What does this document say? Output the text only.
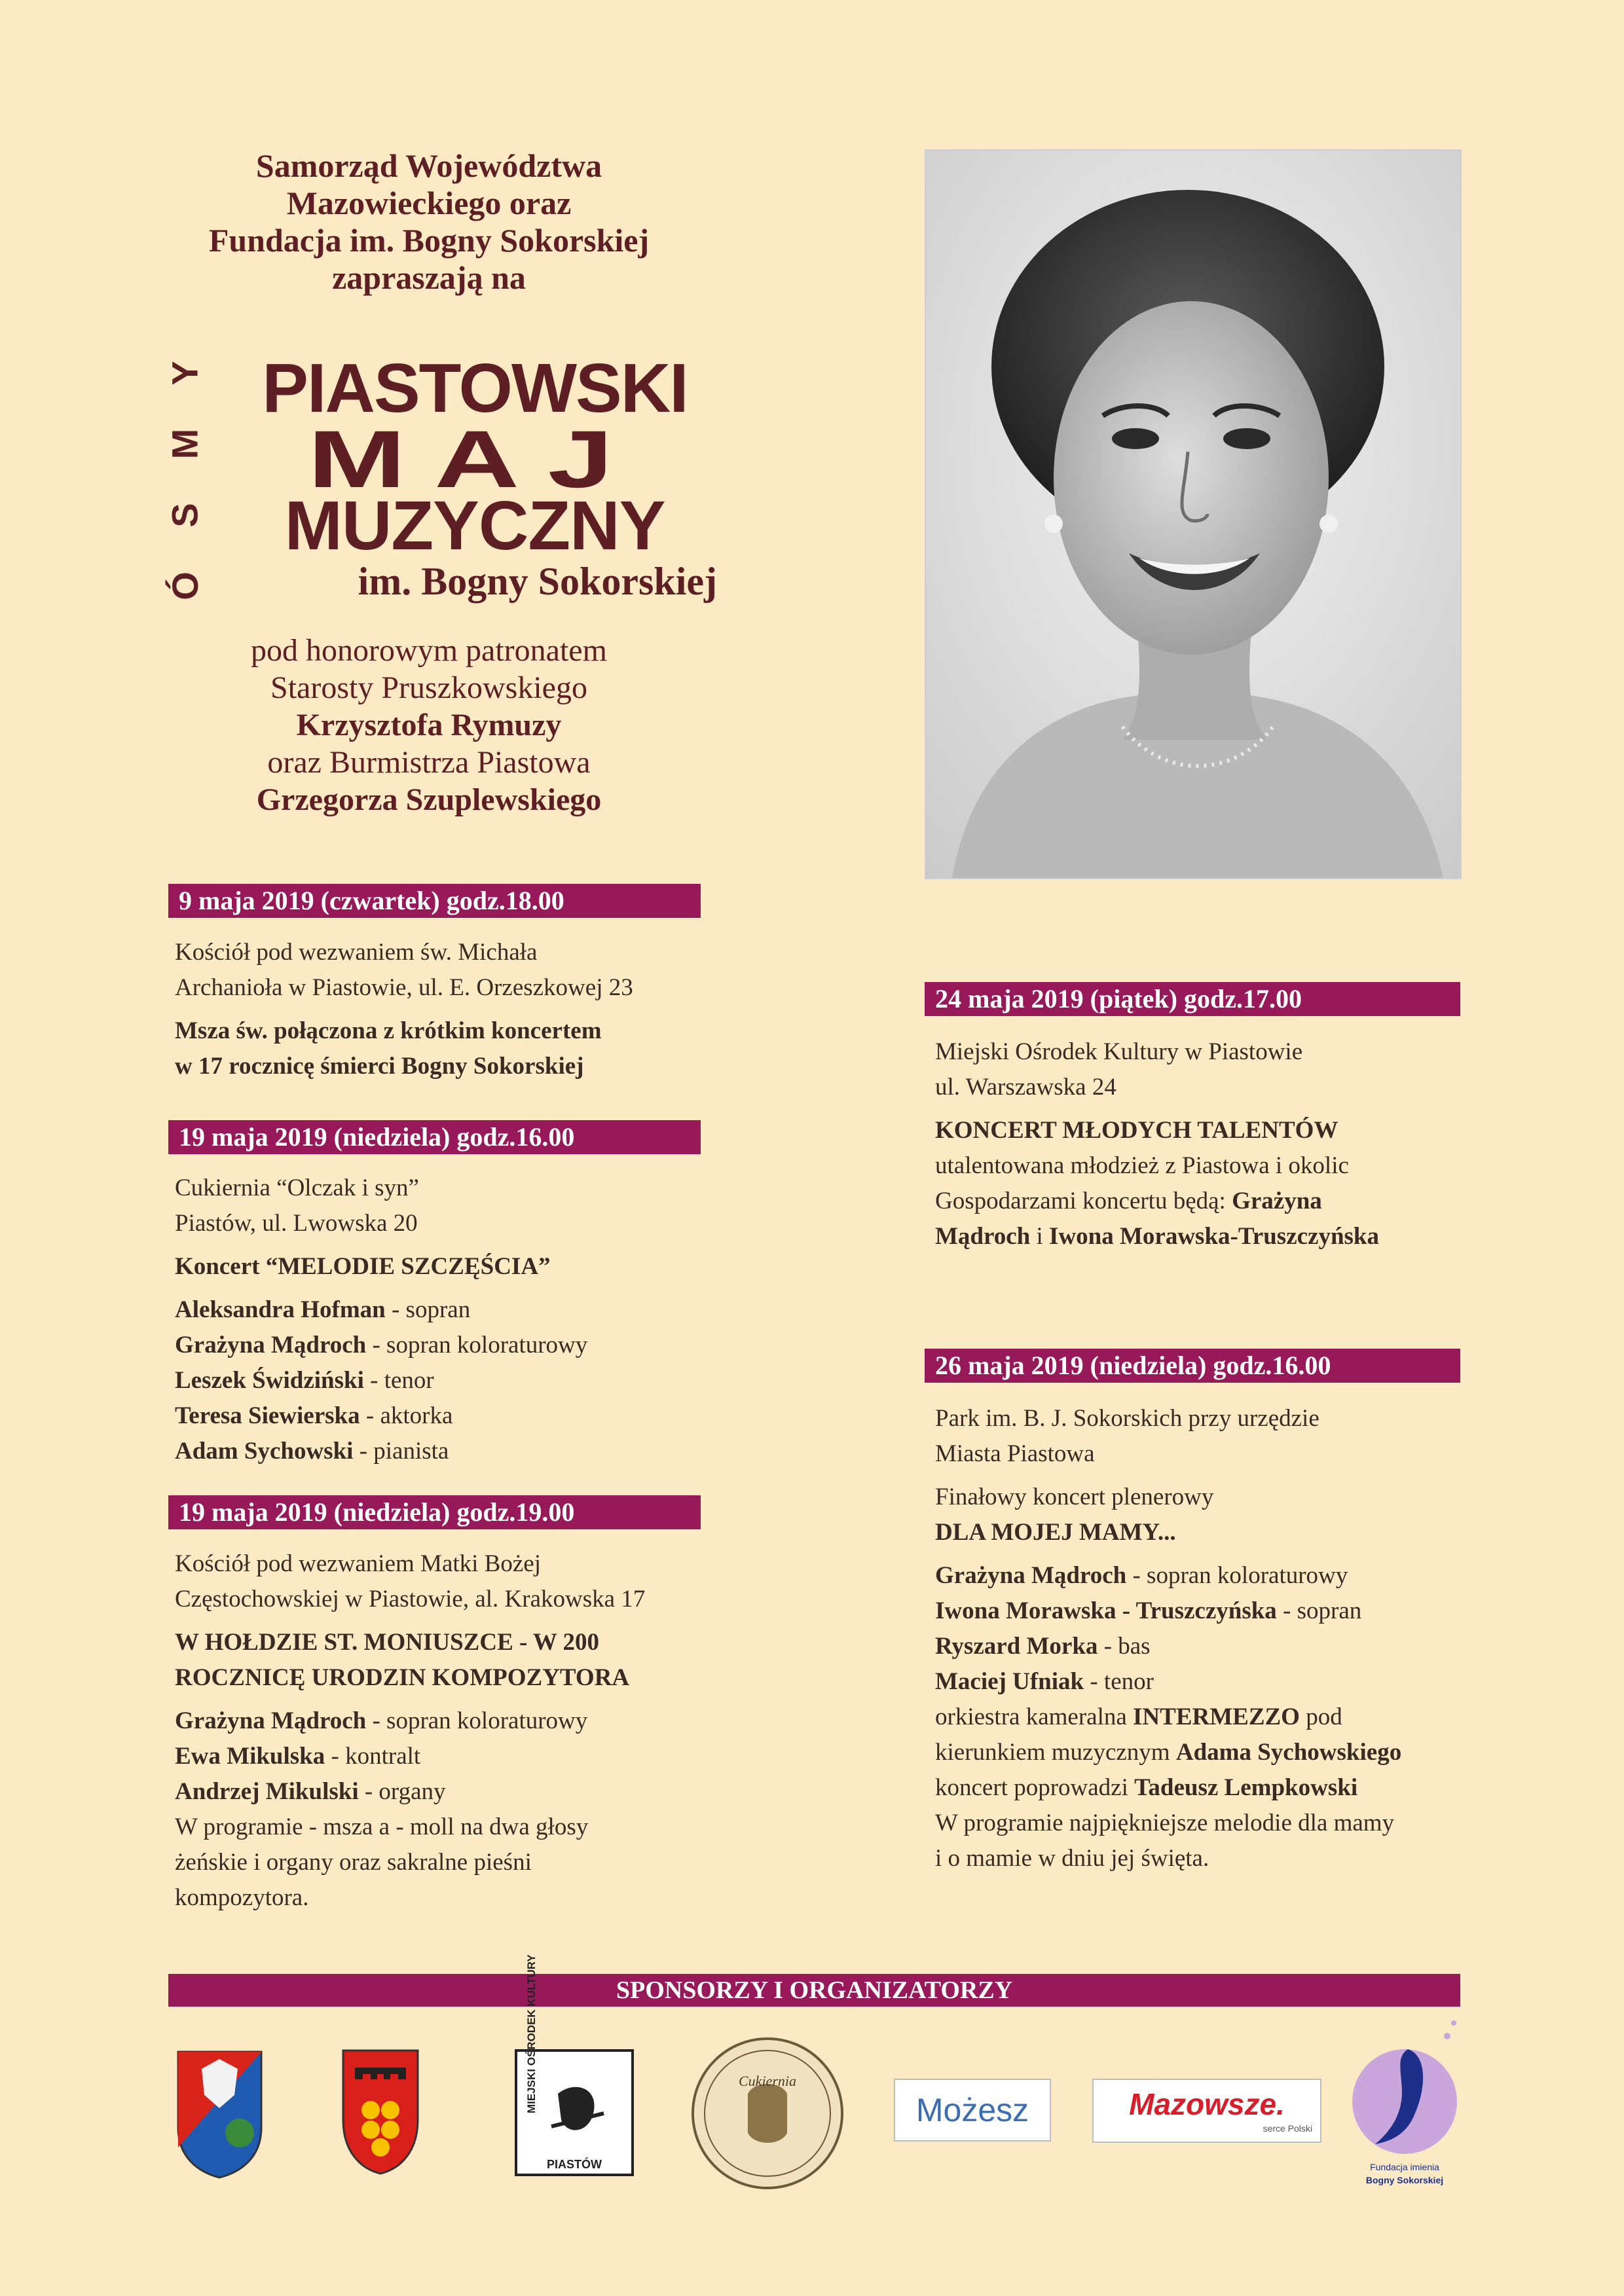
Samorząd Województwa
Mazowieckiego oraz
Fundacja im. Bogny Sokorskiej
zapraszają na
Y
M
S
Ó
PIASTOWSKI
MAJ
MUZYCZNY
im. Bogny Sokorskiej
pod honorowym patronatem
Starosty Pruszkowskiego
Krzysztofa Rymuzy
oraz Burmistrza Piastowa
Grzegorza Szuplewskiego
9 maja 2019 (czwartek) godz.18.00
Kościół pod wezwaniem św. Michała
Archanioła w Piastowie, ul. E. Orzeszkowej 23
Msza św. połączona z krótkim koncertem
w 17 rocznicę śmierci Bogny Sokorskiej
19 maja 2019 (niedziela) godz.16.00
Cukiernia “Olczak i syn”
Piastów, ul. Lwowska 20
Koncert “MELODIE SZCZĘŚCIA”
Aleksandra Hofman - sopran
Grażyna Mądroch - sopran koloraturowy
Leszek Świdziński - tenor
Teresa Siewierska - aktorka
Adam Sychowski - pianista
19 maja 2019 (niedziela) godz.19.00
Kościół pod wezwaniem Matki Bożej
Częstochowskiej w Piastowie, al. Krakowska 17
W HOŁDZIE ST. MONIUSZCE - W 200
ROCZNICĘ URODZIN KOMPOZYTORA
Grażyna Mądroch - sopran koloraturowy
Ewa Mikulska - kontralt
Andrzej Mikulski - organy
W programie - msza a - moll na dwa głosy
żeńskie i organy oraz sakralne pieśni
kompozytora.
24 maja 2019 (piątek) godz.17.00
Miejski Ośrodek Kultury w Piastowie
ul. Warszawska 24
KONCERT MŁODYCH TALENTÓW
utalentowana młodzież z Piastowa i okolic
Gospodarzami koncertu będą: Grażyna
Mądroch i Iwona Morawska-Truszczyńska
26 maja 2019 (niedziela) godz.16.00
Park im. B. J. Sokorskich przy urzędzie
Miasta Piastowa
Finałowy koncert plenerowy
DLA MOJEJ MAMY...
Grażyna Mądroch - sopran koloraturowy
Iwona Morawska - Truszczyńska - sopran
Ryszard Morka - bas
Maciej Ufniak - tenor
orkiestra kameralna INTERMEZZO pod
kierunkiem muzycznym Adama Sychowskiego
koncert poprowadzi Tadeusz Lempkowski
W programie najpiękniejsze melodie dla mamy
i o mamie w dniu jej święta.
SPONSORZY I ORGANIZATORZY
MIEJSKI OŚRODEK KULTURY
PIASTÓW
Cukiernia
Możesz	Mazowsze.
serce Polski
Fundacja imienia
Bogny Sokorskiej
